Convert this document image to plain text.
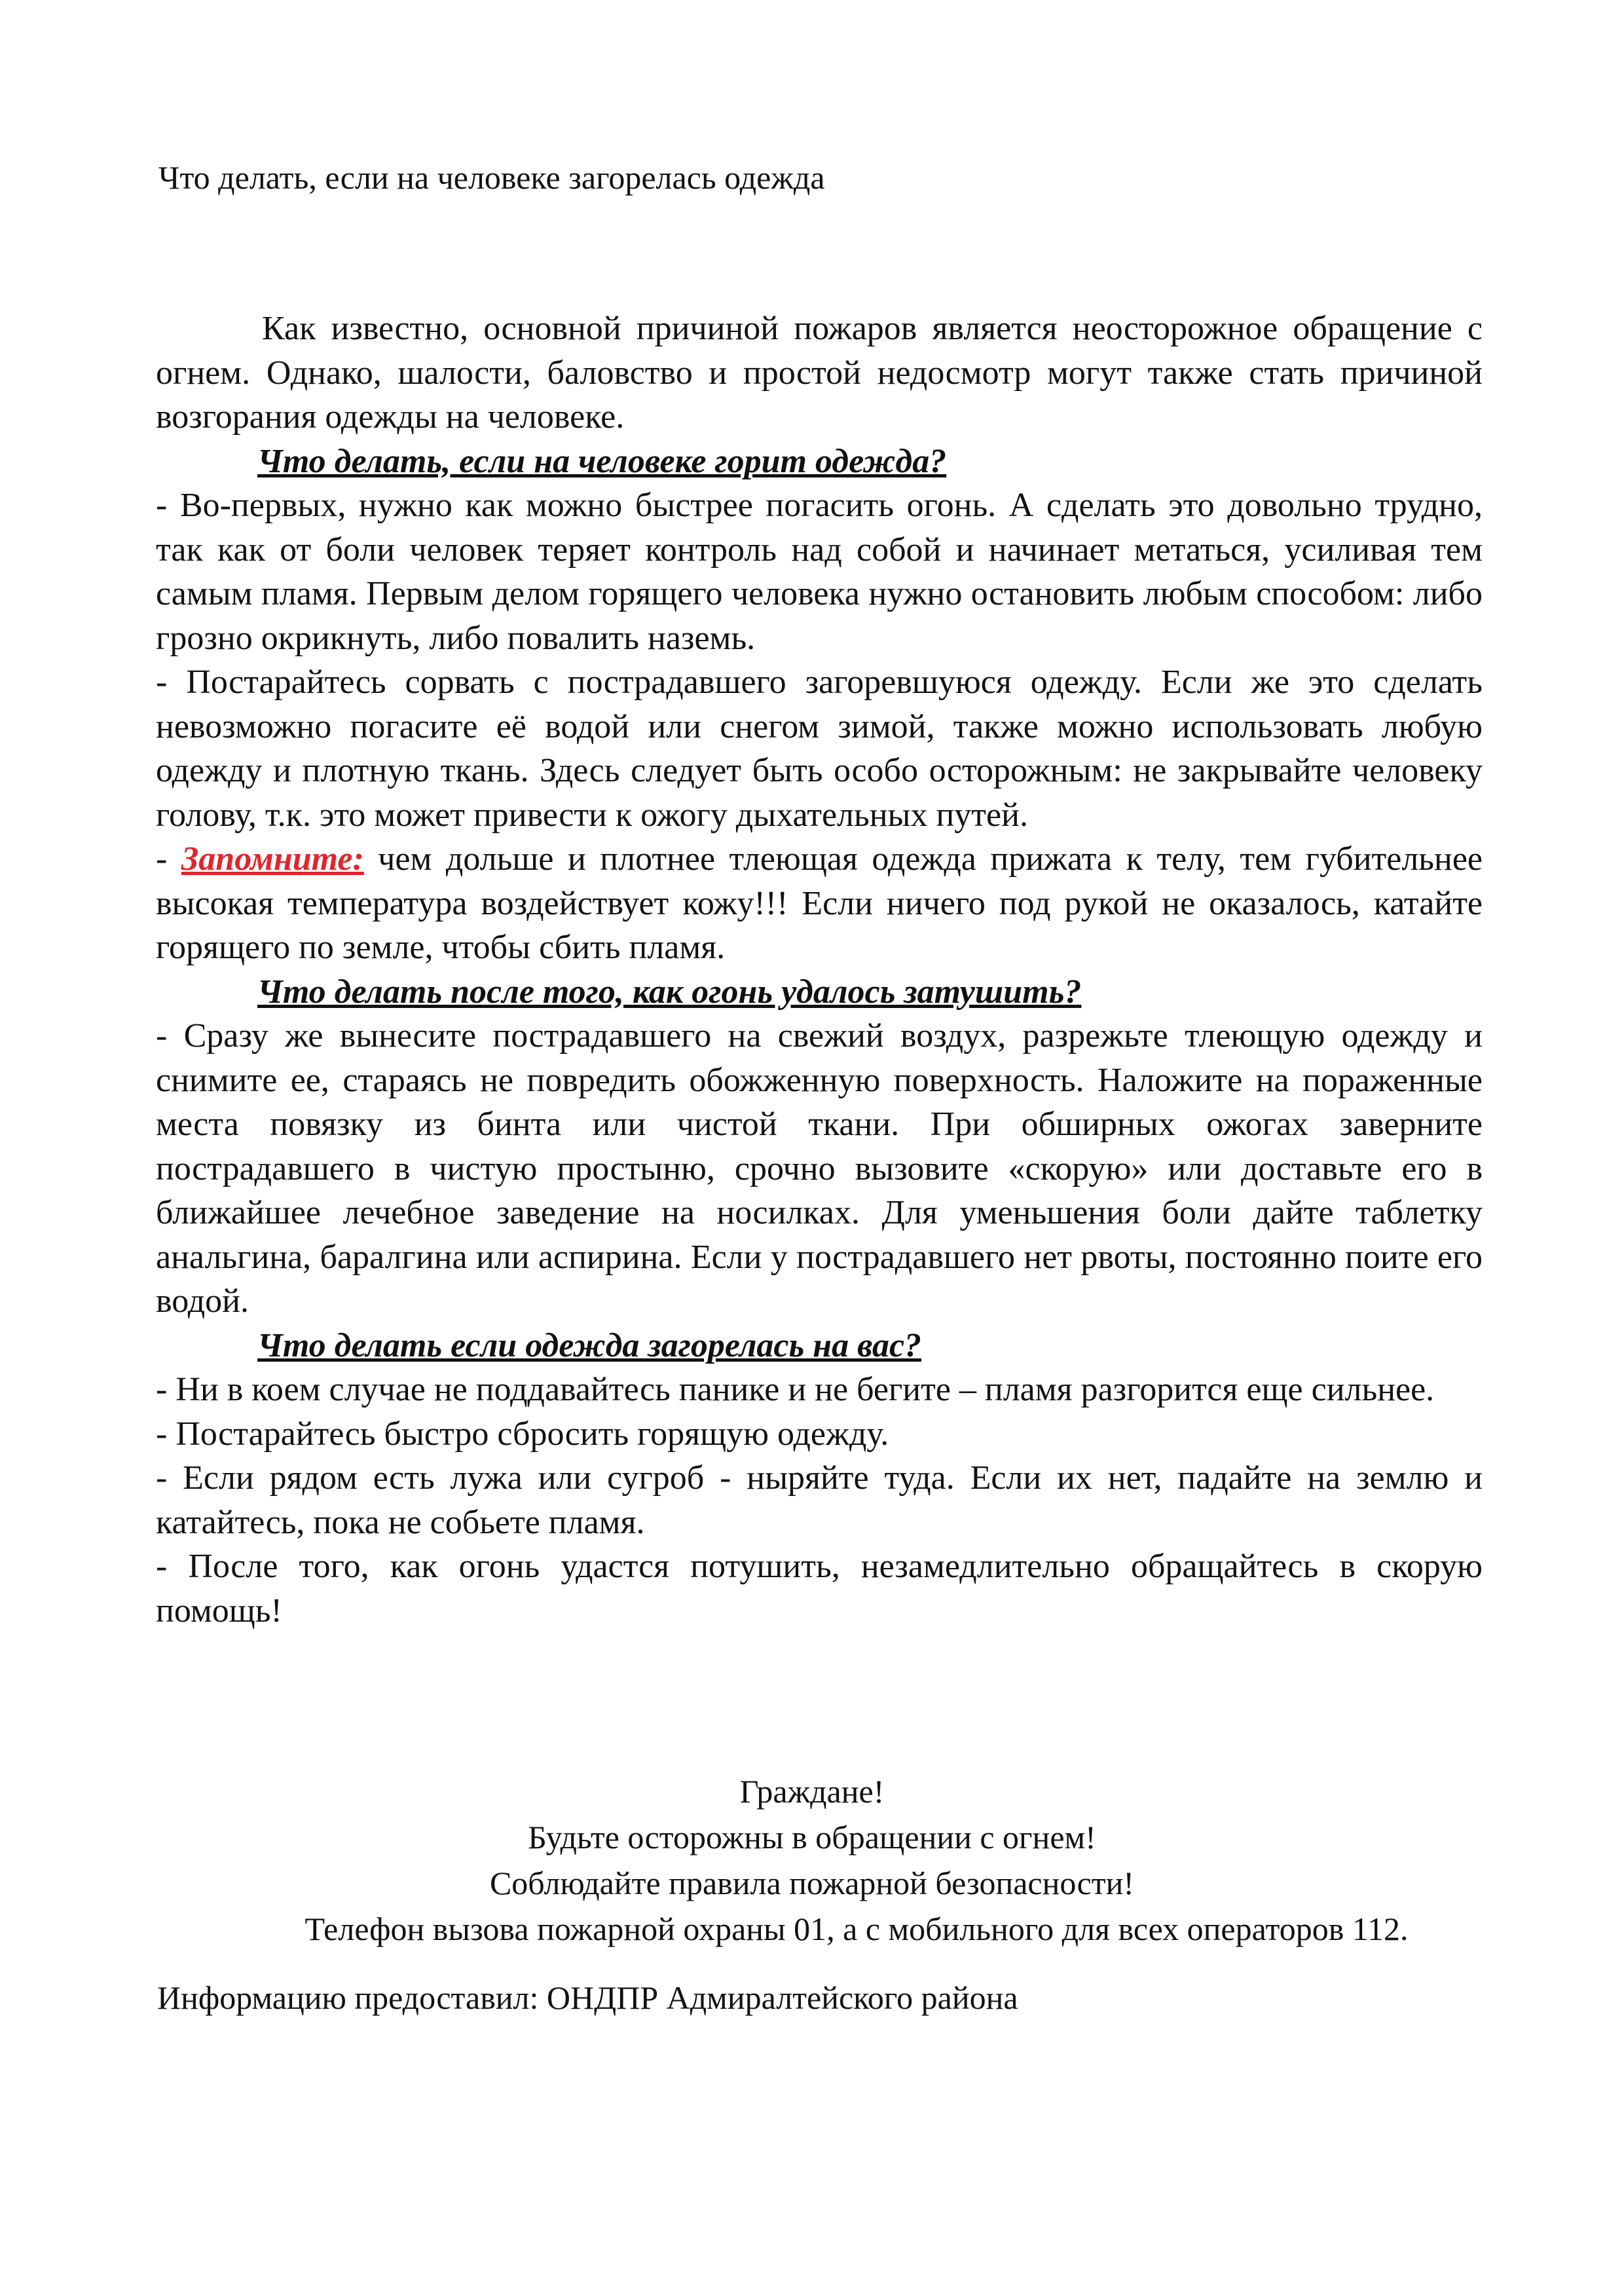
Что делать, если на человеке загорелась одежда

Как известно, основной причиной пожаров является неосторожное обращение с огнем. Однако, шалости, баловство и простой недосмотр могут также стать причиной возгорания одежды на человеке.

Что делать, если на человеке горит одежда?

- Во-первых, нужно как можно быстрее погасить огонь. А сделать это довольно трудно, так как от боли человек теряет контроль над собой и начинает метаться, усиливая тем самым пламя. Первым делом горящего человека нужно остановить любым способом: либо грозно окрикнуть, либо повалить наземь.

- Постарайтесь сорвать с пострадавшего загоревшуюся одежду. Если же это сделать невозможно погасите её водой или снегом зимой, также можно использовать любую одежду и плотную ткань. Здесь следует быть особо осторожным: не закрывайте человеку голову, т.к. это может привести к ожогу дыхательных путей.

- Запомните: чем дольше и плотнее тлеющая одежда прижата к телу, тем губительнее высокая температура воздействует кожу!!! Если ничего под рукой не оказалось, катайте горящего по земле, чтобы сбить пламя.

Что делать после того, как огонь удалось затушить?

- Сразу же вынесите пострадавшего на свежий воздух, разрежьте тлеющую одежду и снимите ее, стараясь не повредить обожженную поверхность. Наложите на пораженные места повязку из бинта или чистой ткани. При обширных ожогах заверните пострадавшего в чистую простыню, срочно вызовите «скорую» или доставьте его в ближайшее лечебное заведение на носилках. Для уменьшения боли дайте таблетку анальгина, баралгина или аспирина. Если у пострадавшего нет рвоты, постоянно поите его водой.

Что делать если одежда загорелась на вас?

- Ни в коем случае не поддавайтесь панике и не бегите – пламя разгорится еще сильнее.

- Постарайтесь быстро сбросить горящую одежду.

- Если рядом есть лужа или сугроб - ныряйте туда. Если их нет, падайте на землю и катайтесь, пока не собьете пламя.

- После того, как огонь удастся потушить, незамедлительно обращайтесь в скорую помощь!

Граждане!
Будьте осторожны в обращении с огнем!
Соблюдайте правила пожарной безопасности!
Телефон вызова пожарной охраны 01, а с мобильного для всех операторов 112.
Информацию предоставил: ОНДПР Адмиралтейского района
